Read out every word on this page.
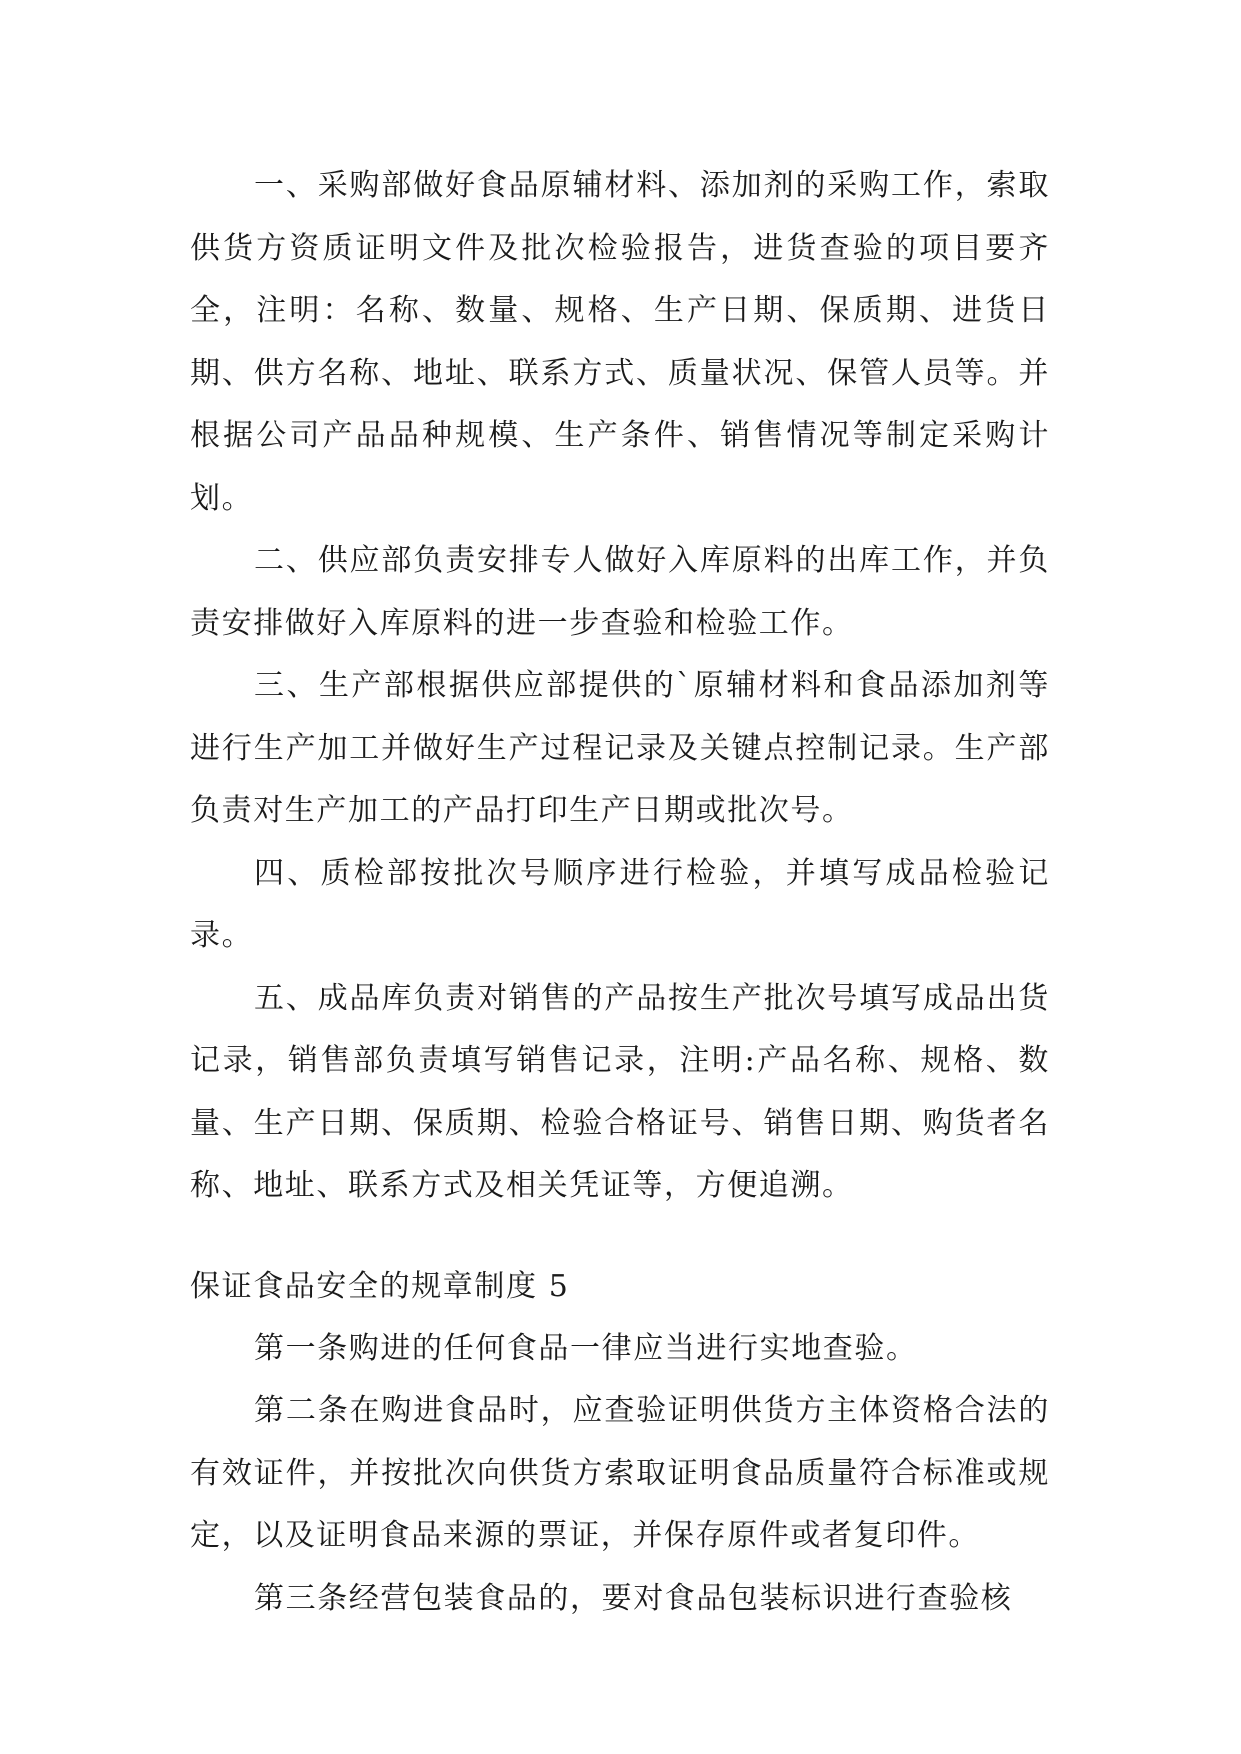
一、采购部做好食品原辅材料、添加剂的采购工作，索取供货方资质证明文件及批次检验报告，进货查验的项目要齐全，注明：名称、数量、规格、生产日期、保质期、进货日期、供方名称、地址、联系方式、质量状况、保管人员等。并根据公司产品品种规模、生产条件、销售情况等制定采购计划。

二、供应部负责安排专人做好入库原料的出库工作，并负责安排做好入库原料的进一步查验和检验工作。

三、生产部根据供应部提供的`原辅材料和食品添加剂等进行生产加工并做好生产过程记录及关键点控制记录。生产部负责对生产加工的产品打印生产日期或批次号。

四、质检部按批次号顺序进行检验，并填写成品检验记录。

五、成品库负责对销售的产品按生产批次号填写成品出货记录，销售部负责填写销售记录，注明:产品名称、规格、数量、生产日期、保质期、检验合格证号、销售日期、购货者名称、地址、联系方式及相关凭证等，方便追溯。

保证食品安全的规章制度 5

第一条购进的任何食品一律应当进行实地查验。

第二条在购进食品时，应查验证明供货方主体资格合法的有效证件，并按批次向供货方索取证明食品质量符合标准或规定，以及证明食品来源的票证，并保存原件或者复印件。

第三条经营包装食品的，要对食品包装标识进行查验核
